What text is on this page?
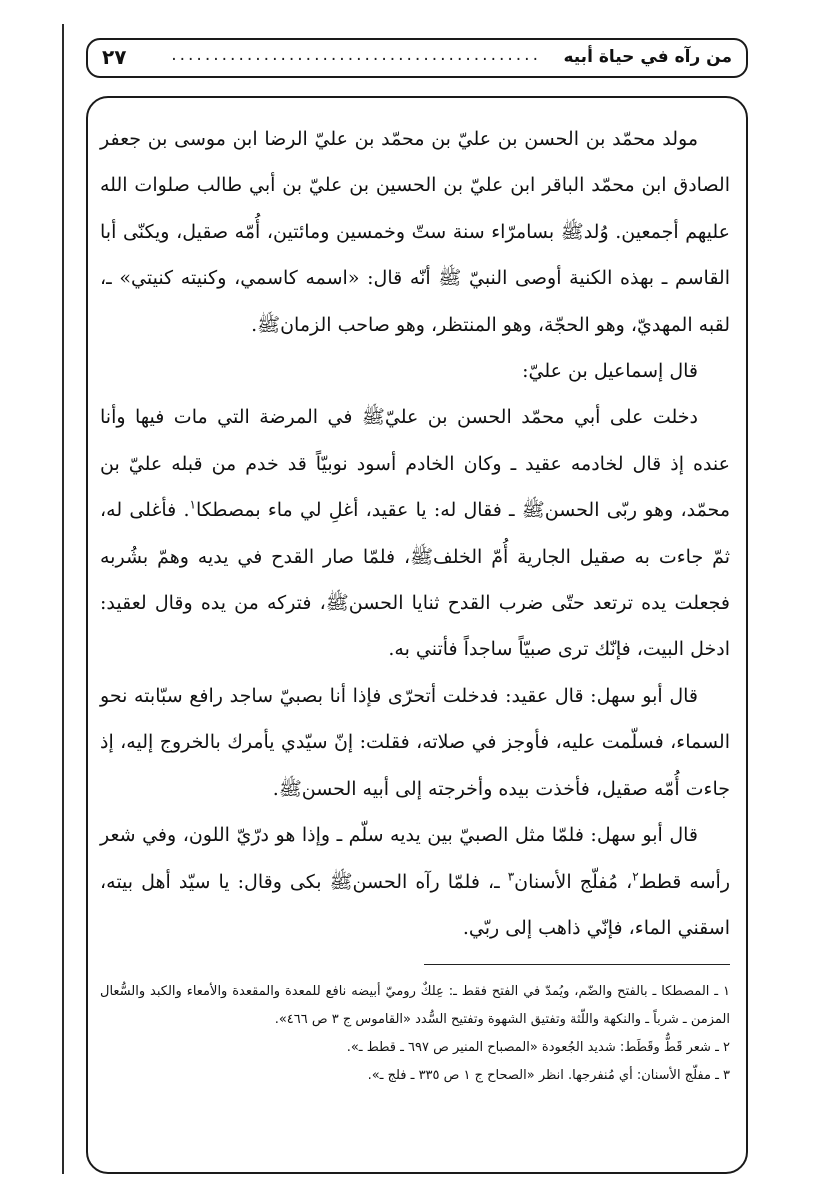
من رآه في حياة أبيه
............................................
٢٧

مولد محمّد بن الحسن بن عليّ بن محمّد بن عليّ الرضا ابن موسى بن جعفر الصادق ابن محمّد الباقر ابن عليّ بن الحسين بن عليّ بن أبي طالب صلوات الله عليهم أجمعين. وُلدﷺ بسامرّاء سنة ستّ وخمسين ومائتين، أُمّه صقيل، ويكنّى أبا القاسم ـ بهذه الكنية أوصى النبيّ ﷺ أنّه قال: «اسمه كاسمي، وكنيته كنيتي» ـ، لقبه المهديّ، وهو الحجّة، وهو المنتظر، وهو صاحب الزمانﷺ.

قال إسماعيل بن عليّ:

دخلت على أبي محمّد الحسن بن عليّﷺ في المرضة التي مات فيها وأنا عنده إذ قال لخادمه عقيد ـ وكان الخادم أسود نوبيّاً قد خدم من قبله عليّ بن محمّد، وهو ربّى الحسنﷺ ـ فقال له: يا عقيد، أغلِ لي ماء بمصطكا$^١$. فأغلى له، ثمّ جاءت به صقيل الجارية أُمّ الخلفﷺ، فلمّا صار القدح في يديه وهمّ بشُربه فجعلت يده ترتعد حتّى ضرب القدح ثنايا الحسنﷺ، فتركه من يده وقال لعقيد: ادخل البيت، فإنّك ترى صبيّاً ساجداً فأتني به.

قال أبو سهل: قال عقيد: فدخلت أتحرّى فإذا أنا بصبيّ ساجد رافع سبّابته نحو السماء، فسلّمت عليه، فأوجز في صلاته، فقلت: إنّ سيّدي يأمرك بالخروج إليه، إذ جاءت أُمّه صقيل، فأخذت بيده وأخرجته إلى أبيه الحسنﷺ.

قال أبو سهل: فلمّا مثل الصبيّ بين يديه سلّم ـ وإذا هو درّيّ اللون، وفي شعر رأسه قطط$^٢$، مُفلّج الأسنان$^٣$ ـ، فلمّا رآه الحسنﷺ بكى وقال: يا سيّد أهل بيته، اسقني الماء، فإنّي ذاهب إلى ربّي.

١ ـ المصطكا ـ بالفتح والضّم، ويُمدّ في الفتح فقط ـ: عِلكٌ روميّ أبيضه نافع للمعدة والمقعدة والأمعاء والكبد والسُّعال المزمن ـ شرباً ـ والنكهة واللّثة وتفتيق الشهوة وتفتيح السُّدد «القاموس ج ٣ ص ٤٦٦».

٢ ـ شعر قَطٌّ وقَطَط: شديد الجُعودة «المصباح المنير ص ٦٩٧ ـ قطط ـ».

٣ ـ مفلّج الأسنان: أي مُنفرجها. انظر «الصحاح ج ١ ص ٣٣٥ ـ فلج ـ».
